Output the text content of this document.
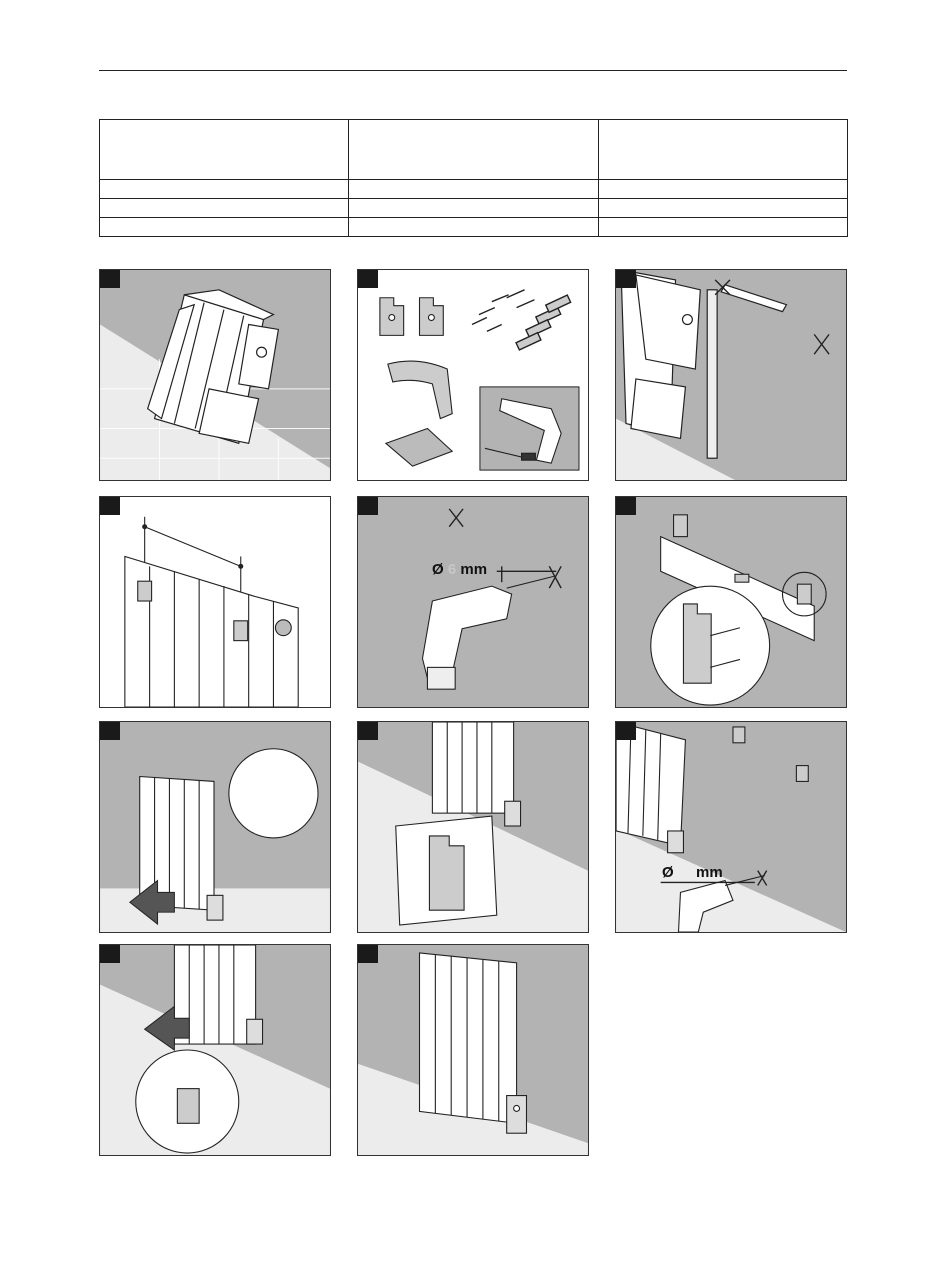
Ø 6 mm
Ø mm
